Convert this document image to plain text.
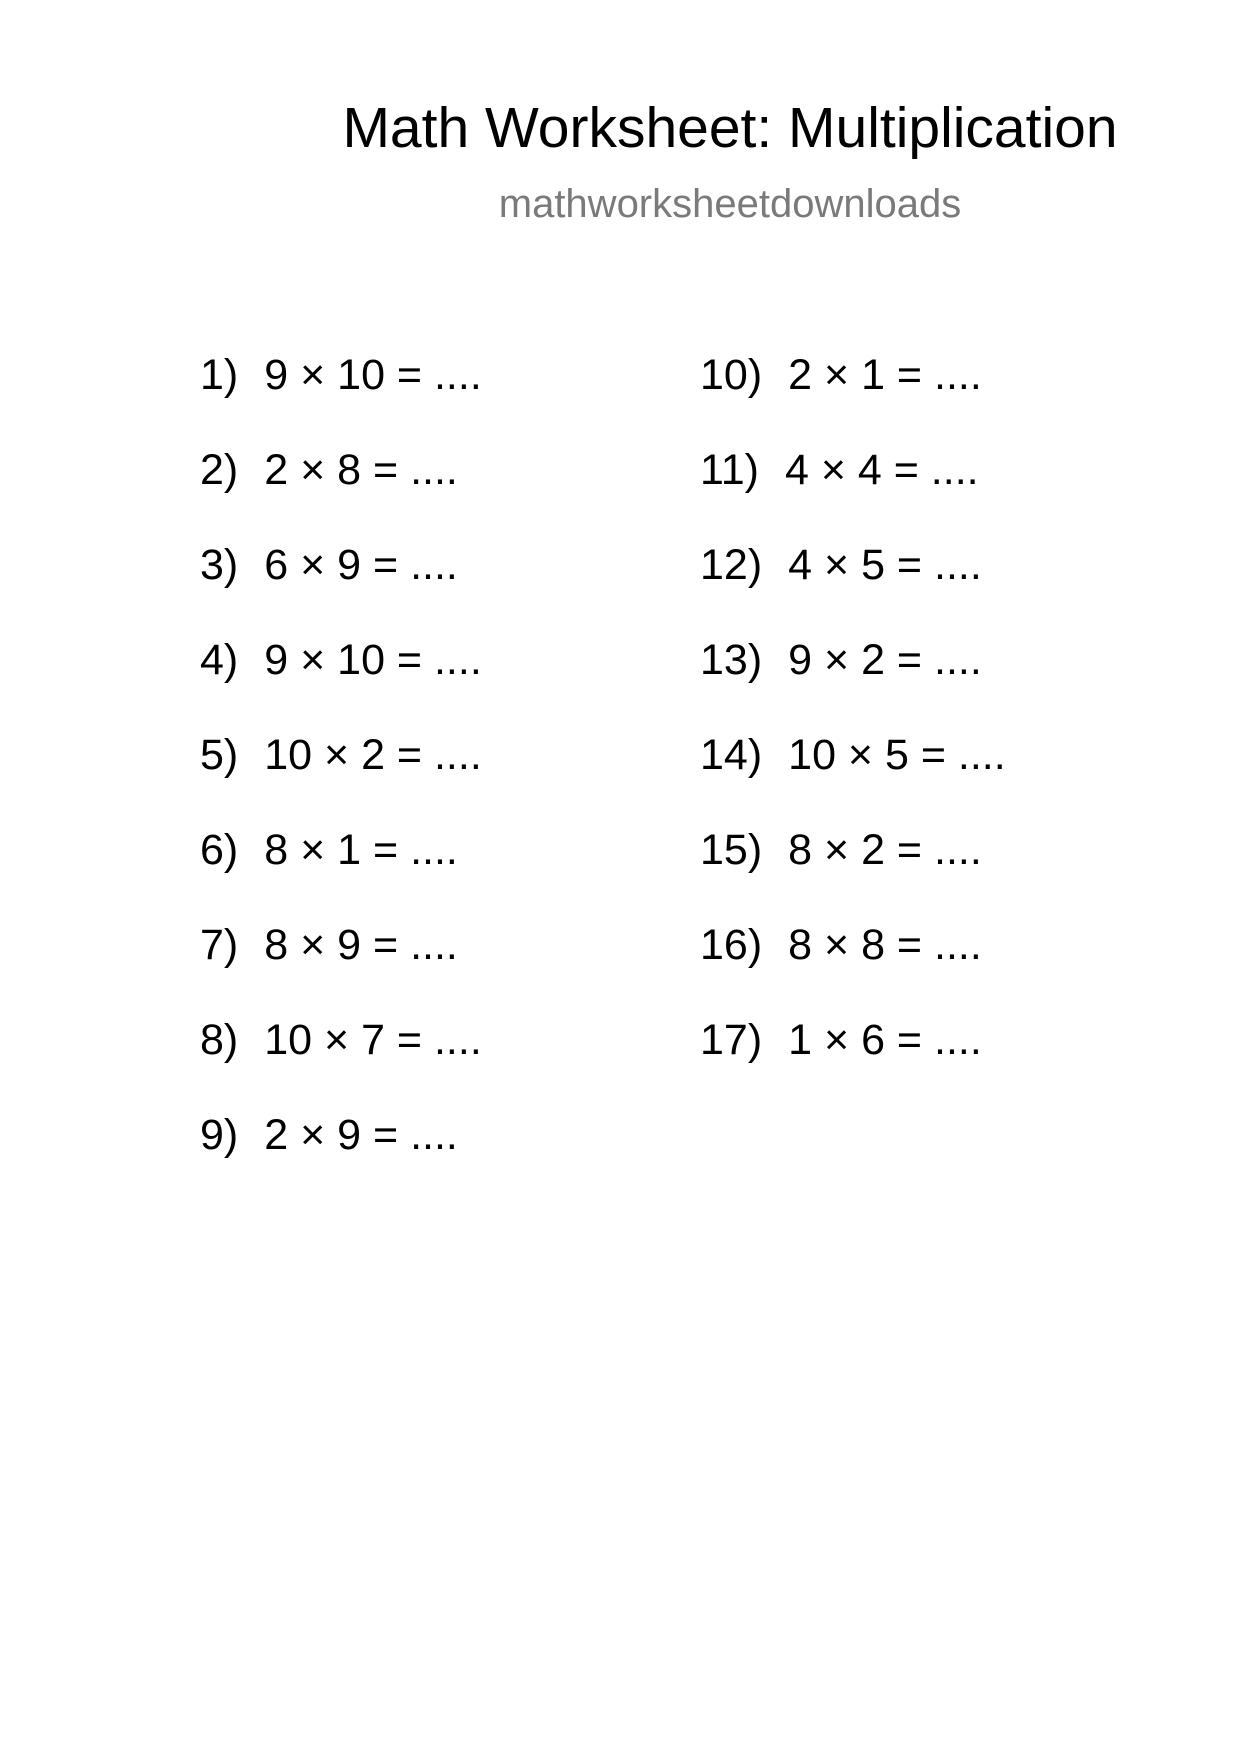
Math Worksheet: Multiplication
mathworksheetdownloads
1) 9 × 10 = ....
2) 2 × 8 = ....
3) 6 × 9 = ....
4) 9 × 10 = ....
5) 10 × 2 = ....
6) 8 × 1 = ....
7) 8 × 9 = ....
8) 10 × 7 = ....
9) 2 × 9 = ....
10) 2 × 1 = ....
11) 4 × 4 = ....
12) 4 × 5 = ....
13) 9 × 2 = ....
14) 10 × 5 = ....
15) 8 × 2 = ....
16) 8 × 8 = ....
17) 1 × 6 = ....
